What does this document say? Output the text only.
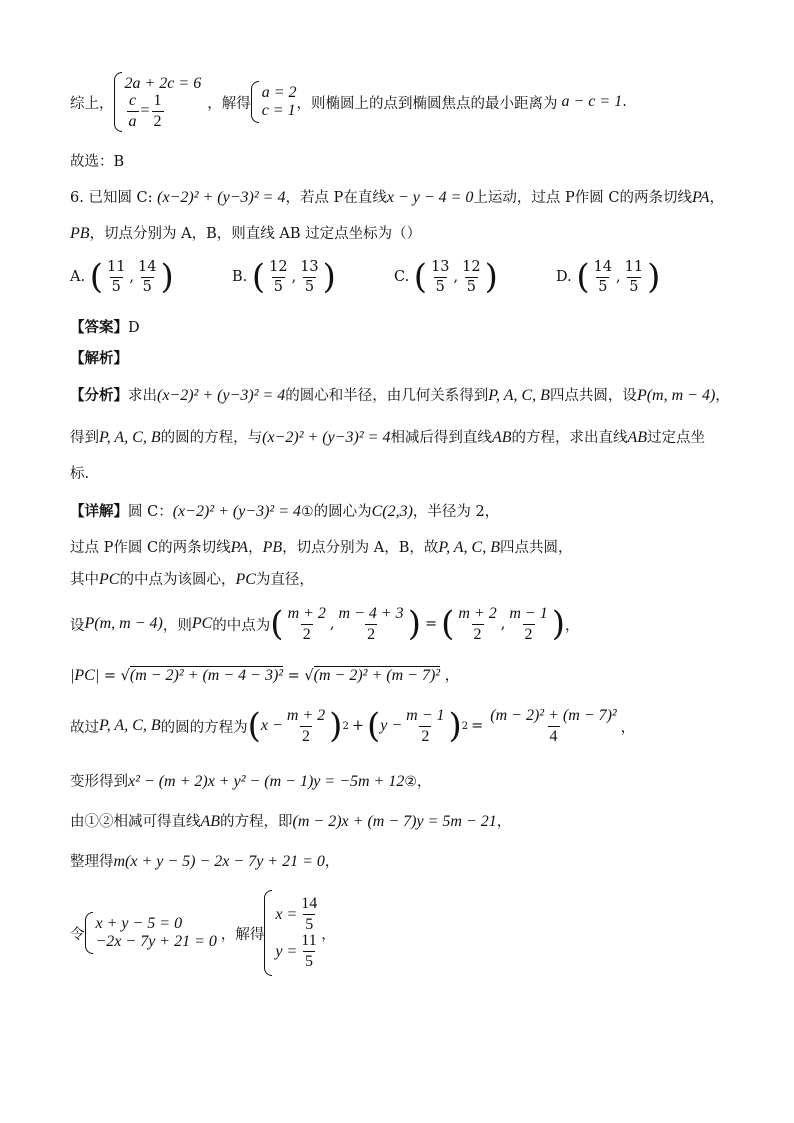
综上，
2a + 2c = 6
$\frac{c}{a} = \frac{1}{2}$	，解得
a = 2
c = 1 ，则椭圆上的点到椭圆焦点的最小距离为 a − c = 1 .
故选：B
6. 已知圆 C: (x−2)² + (y−3)² = 4，若点 P在直线x − y − 4 = 0上运动，过点 P作圆 C的两条切线PA，
PB，切点分别为 A，B，则直线 AB 过定点坐标为（）
A. ( $\frac{11}{5}$ , $\frac{14}{5}$ )	B. ( $\frac{12}{5}$ , $\frac{13}{5}$ )	C. ( $\frac{13}{5}$ , $\frac{12}{5}$ )	D. ( $\frac{14}{5}$ , $\frac{11}{5}$ )
【答案】D
【解析】
【分析】求出(x−2)² + (y−3)² = 4的圆心和半径，由几何关系得到P, A, C, B四点共圆，设P(m, m − 4)，
得到P, A, C, B的圆的方程，与(x−2)² + (y−3)² = 4相减后得到直线AB的方程，求出直线AB过定点坐
标.
【详解】圆 C：(x−2)² + (y−3)² = 4①的圆心为C(2,3)，半径为 2，
过点 P作圆 C的两条切线PA，PB，切点分别为 A，B，故P, A, C, B四点共圆，
其中PC的中点为该圆心，PC为直径，
设 P(m, m − 4) ，则 PC 的中点为 ( $\frac{m + 2}{2}$ , $\frac{m - 4 + 3}{2}$ ) = ( $\frac{m + 2}{2}$ , $\frac{m - 1}{2}$ ) ，
|PC| = √(m − 2)² + (m − 4 − 3)² = √(m − 2)² + (m − 7)² ，
故过 P, A, C, B 的圆的方程为 ( $x - \frac{m + 2}{2}$ ) 2 + ( $y - \frac{m - 1}{2}$ ) $2 = \frac{\text{(m − 2)² + (m − 7)²}}{4}$ ，
变形得到x² − (m + 2)x + y² − (m − 1)y = −5m + 12②，
由①②相减可得直线AB的方程，即(m − 2)x + (m − 7)y = 5m − 21，
整理得m(x + y − 5) − 2x − 7y + 21 = 0，
令
x + y − 5 = 0
−2x − 7y + 21 = 0 ，解得
$x = \frac{14}{5}$
$y = \frac{11}{5}$ ，
